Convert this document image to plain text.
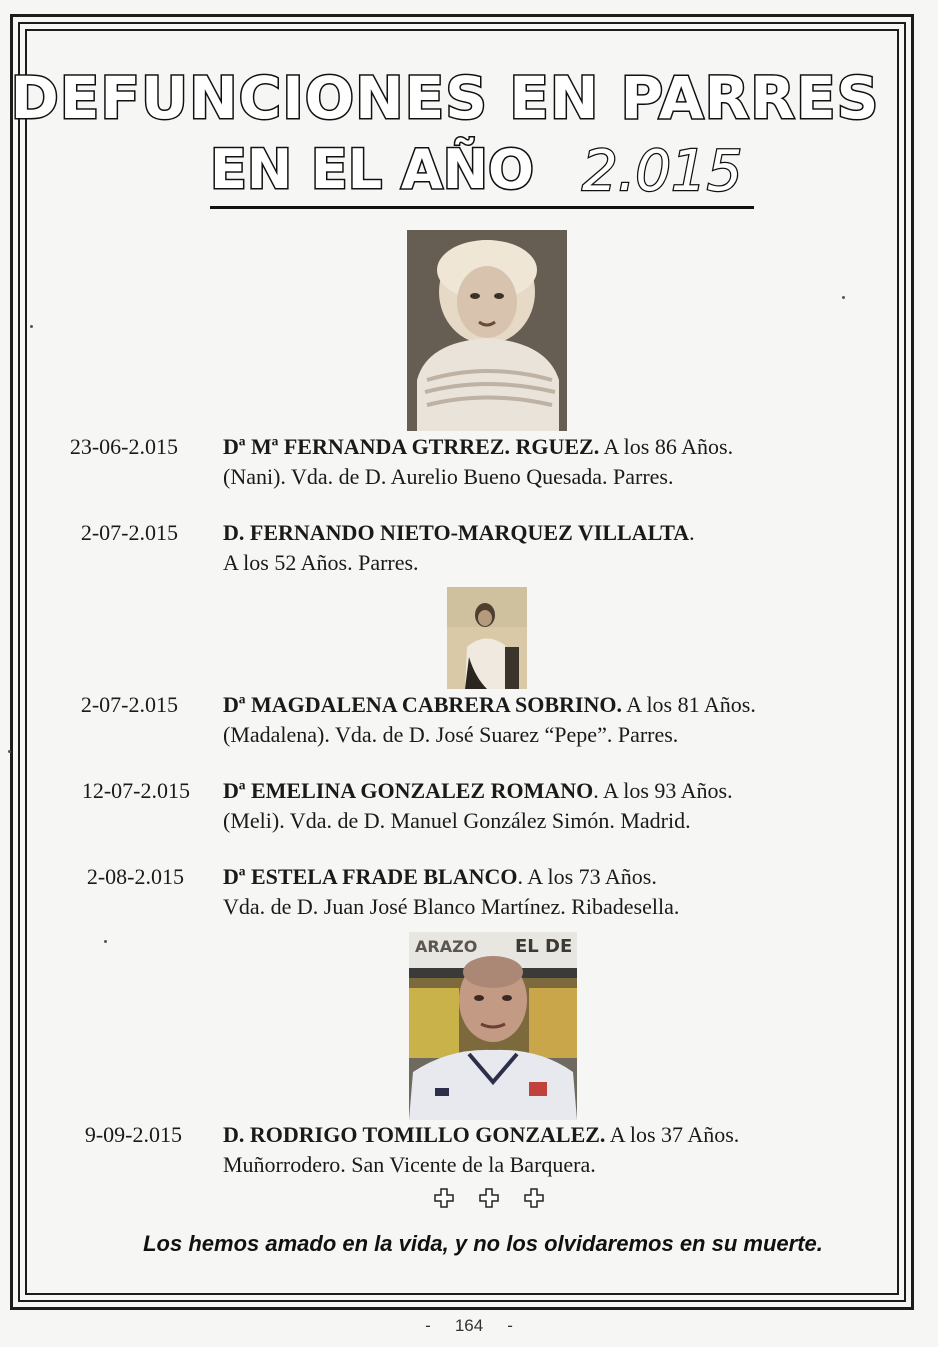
DEFUNCIONES EN PARRES
EN EL AÑO 2.015
23-06-2.015 Dª Mª FERNANDA GTRREZ. RGUEZ. A los 86 Años.
(Nani). Vda. de D. Aurelio Bueno Quesada. Parres.
2-07-2.015 D. FERNANDO NIETO-MARQUEZ VILLALTA.
A los 52 Años. Parres.
2-07-2.015 Dª MAGDALENA CABRERA SOBRINO. A los 81 Años.
(Madalena). Vda. de D. José Suarez “Pepe”. Parres.
12-07-2.015 Dª EMELINA GONZALEZ ROMANO. A los 93 Años.
(Meli). Vda. de D. Manuel González Simón. Madrid.
2-08-2.015 Dª ESTELA FRADE BLANCO. A los 73 Años.
Vda. de D. Juan José Blanco Martínez. Ribadesella.
ARAZO EL DE
9-09-2.015 D. RODRIGO TOMILLO GONZALEZ. A los 37 Años.
Muñorrodero. San Vicente de la Barquera.
Los hemos amado en la vida, y no los olvidaremos en su muerte.
- 164 -
